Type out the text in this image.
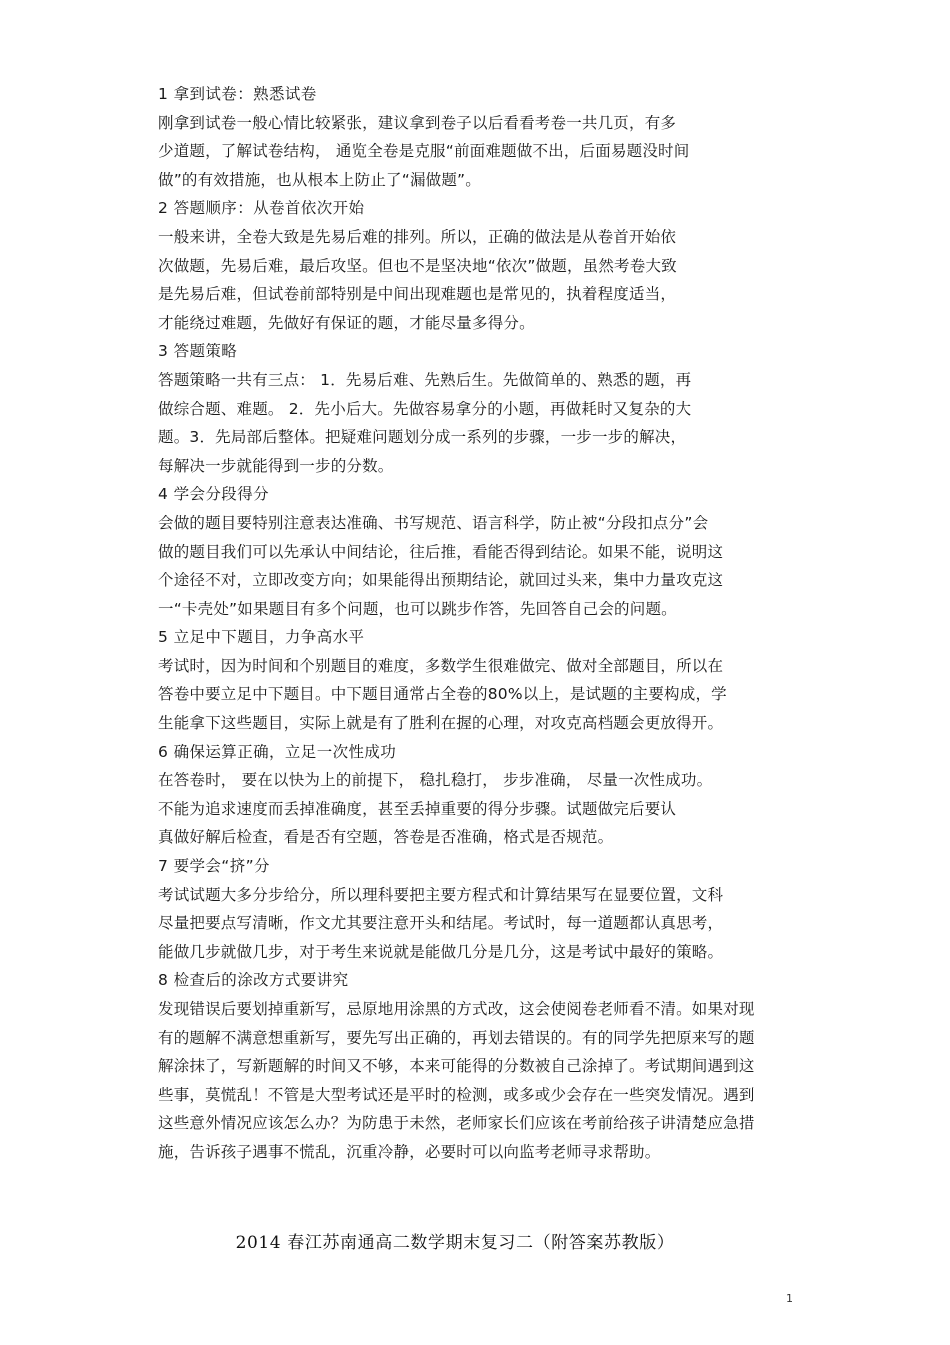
1 拿到试卷：熟悉试卷
刚拿到试卷一般心情比较紧张，建议拿到卷子以后看看考卷一共几页，有多
少道题，了解试卷结构， 通览全卷是克服“前面难题做不出，后面易题没时间
做”的有效措施，也从根本上防止了“漏做题”。
2 答题顺序：从卷首依次开始
一般来讲，全卷大致是先易后难的排列。所以，正确的做法是从卷首开始依
次做题，先易后难，最后攻坚。但也不是坚决地“依次”做题，虽然考卷大致
是先易后难，但试卷前部特别是中间出现难题也是常见的，执着程度适当，
才能绕过难题，先做好有保证的题，才能尽量多得分。
3 答题策略
答题策略一共有三点： 1．先易后难、先熟后生。先做简单的、熟悉的题，再
做综合题、难题。 2．先小后大。先做容易拿分的小题，再做耗时又复杂的大
题。3．先局部后整体。把疑难问题划分成一系列的步骤，一步一步的解决，
每解决一步就能得到一步的分数。
4 学会分段得分
会做的题目要特别注意表达准确、书写规范、语言科学，防止被“分段扣点分”会
做的题目我们可以先承认中间结论，往后推，看能否得到结论。如果不能，说明这
个途径不对，立即改变方向；如果能得出预期结论，就回过头来，集中力量攻克这
一“卡壳处”如果题目有多个问题，也可以跳步作答，先回答自己会的问题。
5 立足中下题目，力争高水平
考试时，因为时间和个别题目的难度，多数学生很难做完、做对全部题目，所以在
答卷中要立足中下题目。中下题目通常占全卷的80%以上，是试题的主要构成，学
生能拿下这些题目，实际上就是有了胜利在握的心理，对攻克高档题会更放得开。
6 确保运算正确，立足一次性成功
在答卷时， 要在以快为上的前提下， 稳扎稳打， 步步准确， 尽量一次性成功。
不能为追求速度而丢掉准确度，甚至丢掉重要的得分步骤。试题做完后要认
真做好解后检查，看是否有空题，答卷是否准确，格式是否规范。
7 要学会“挤”分
考试试题大多分步给分，所以理科要把主要方程式和计算结果写在显要位置，文科
尽量把要点写清晰，作文尤其要注意开头和结尾。考试时，每一道题都认真思考，
能做几步就做几步，对于考生来说就是能做几分是几分，这是考试中最好的策略。
8 检查后的涂改方式要讲究
发现错误后要划掉重新写，忌原地用涂黑的方式改，这会使阅卷老师看不清。如果对现
有的题解不满意想重新写，要先写出正确的，再划去错误的。有的同学先把原来写的题
解涂抹了，写新题解的时间又不够，本来可能得的分数被自己涂掉了。考试期间遇到这
些事，莫慌乱！不管是大型考试还是平时的检测，或多或少会存在一些突发情况。遇到
这些意外情况应该怎么办？为防患于未然，老师家长们应该在考前给孩子讲清楚应急措
施，告诉孩子遇事不慌乱，沉重冷静，必要时可以向监考老师寻求帮助。
2014 春江苏南通高二数学期末复习二（附答案苏教版）
1
